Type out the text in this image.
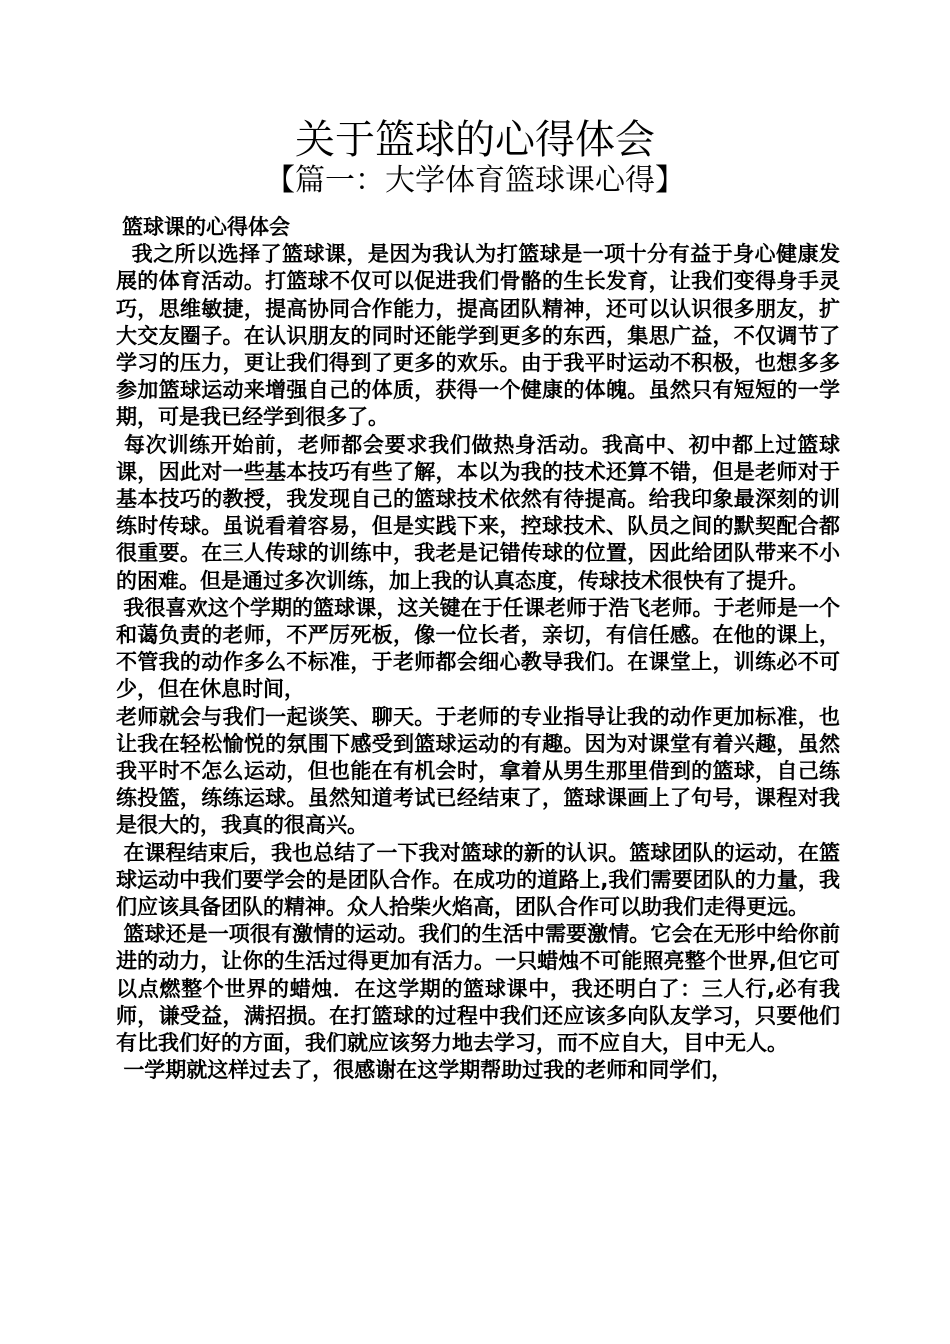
关于篮球的心得体会
【篇一：大学体育篮球课心得】

篮球课的心得体会

我之所以选择了篮球课，是因为我认为打篮球是一项十分有益于身心健康发展的体育活动。打篮球不仅可以促进我们骨骼的生长发育，让我们变得身手灵巧，思维敏捷，提高协同合作能力，提高团队精神，还可以认识很多朋友，扩大交友圈子。在认识朋友的同时还能学到更多的东西，集思广益，不仅调节了学习的压力，更让我们得到了更多的欢乐。由于我平时运动不积极，也想多多参加篮球运动来增强自己的体质，获得一个健康的体魄。虽然只有短短的一学期，可是我已经学到很多了。

每次训练开始前，老师都会要求我们做热身活动。我高中、初中都上过篮球课，因此对一些基本技巧有些了解，本以为我的技术还算不错，但是老师对于基本技巧的教授，我发现自己的篮球技术依然有待提高。给我印象最深刻的训练时传球。虽说看着容易，但是实践下来，控球技术、队员之间的默契配合都很重要。在三人传球的训练中，我老是记错传球的位置，因此给团队带来不小的困难。但是通过多次训练，加上我的认真态度，传球技术很快有了提升。

我很喜欢这个学期的篮球课，这关键在于任课老师于浩飞老师。于老师是一个和蔼负责的老师，不严厉死板，像一位长者，亲切，有信任感。在他的课上，不管我的动作多么不标准，于老师都会细心教导我们。在课堂上，训练必不可少，但在休息时间，

老师就会与我们一起谈笑、聊天。于老师的专业指导让我的动作更加标准，也让我在轻松愉悦的氛围下感受到篮球运动的有趣。因为对课堂有着兴趣，虽然我平时不怎么运动，但也能在有机会时，拿着从男生那里借到的篮球，自己练练投篮，练练运球。虽然知道考试已经结束了，篮球课画上了句号，课程对我是很大的，我真的很高兴。

在课程结束后，我也总结了一下我对篮球的新的认识。篮球团队的运动，在篮球运动中我们要学会的是团队合作。在成功的道路上,我们需要团队的力量，我们应该具备团队的精神。众人拾柴火焰高，团队合作可以助我们走得更远。

篮球还是一项很有激情的运动。我们的生活中需要激情。它会在无形中给你前进的动力，让你的生活过得更加有活力。一只蜡烛不可能照亮整个世界,但它可以点燃整个世界的蜡烛．在这学期的篮球课中，我还明白了：三人行,必有我师，谦受益，满招损。在打篮球的过程中我们还应该多向队友学习，只要他们有比我们好的方面，我们就应该努力地去学习，而不应自大，目中无人。

一学期就这样过去了，很感谢在这学期帮助过我的老师和同学们，
